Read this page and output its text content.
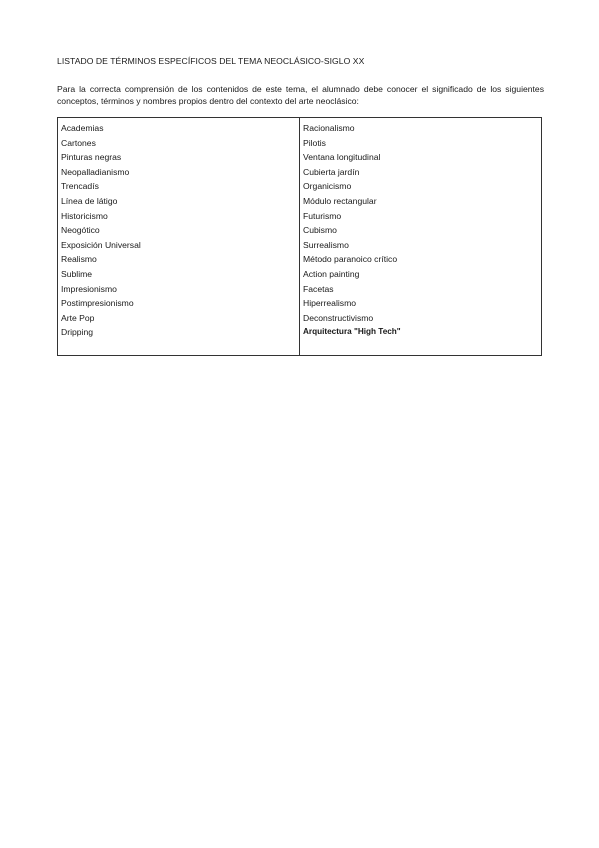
LISTADO DE TÉRMINOS ESPECÍFICOS DEL TEMA NEOCLÁSICO-SIGLO XX
Para la correcta comprensión de los contenidos de este tema, el alumnado debe conocer el significado de los siguientes conceptos, términos y nombres propios dentro del contexto del arte neoclásico:
Academias
Cartones
Pinturas negras
Neopalladianismo
Trencadís
Línea de látigo
Historicismo
Neogótico
Exposición Universal
Realismo
Sublime
Impresionismo
Postimpresionismo
Arte Pop
Dripping
Racionalismo
Pilotis
Ventana longitudinal
Cubierta jardín
Organicismo
Módulo rectangular
Futurismo
Cubismo
Surrealismo
Método paranoico crítico
Action painting
Facetas
Hiperrealismo
Deconstructivismo
Arquitectura "High Tech"
